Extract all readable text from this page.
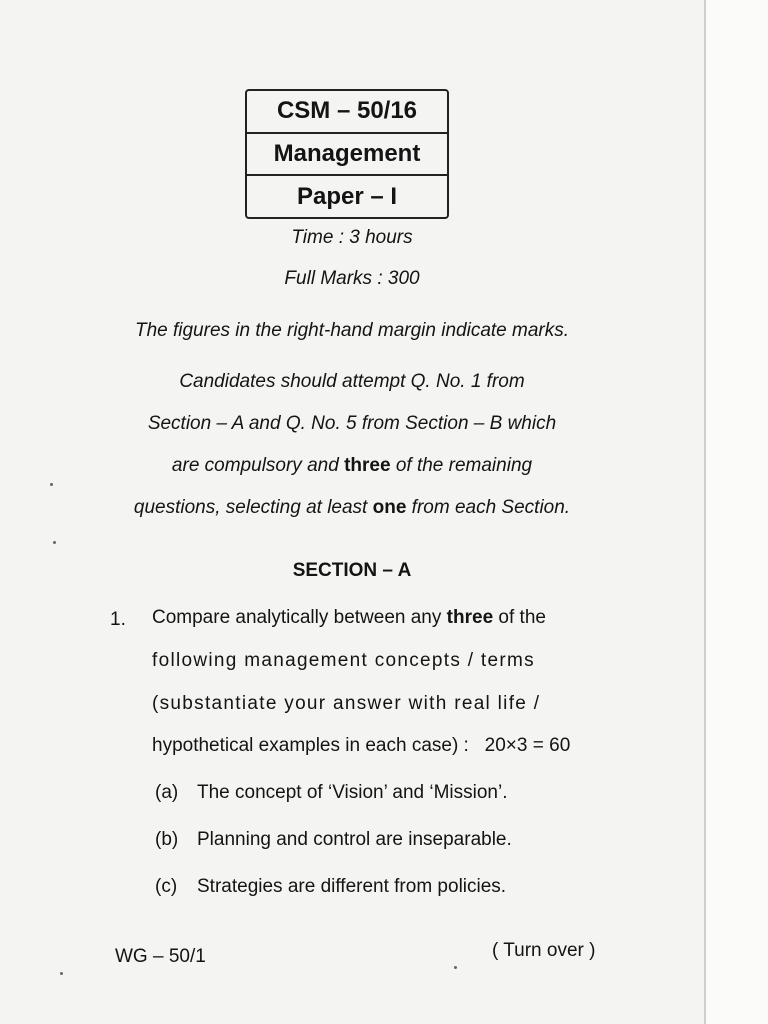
CSM – 50/16
Management
Paper – I
Time : 3 hours
Full Marks : 300
The figures in the right-hand margin indicate marks.
Candidates should attempt Q. No. 1 from
Section – A and Q. No. 5 from Section – B which
are compulsory and three of the remaining
questions, selecting at least one from each Section.
SECTION – A
1. Compare analytically between any three of the
following management concepts / terms
(substantiate your answer with real life /
hypothetical examples in each case) :   20×3 = 60
(a) The concept of ‘Vision’ and ‘Mission’.
(b) Planning and control are inseparable.
(c) Strategies are different from policies.
WG – 50/1	( Turn over )
